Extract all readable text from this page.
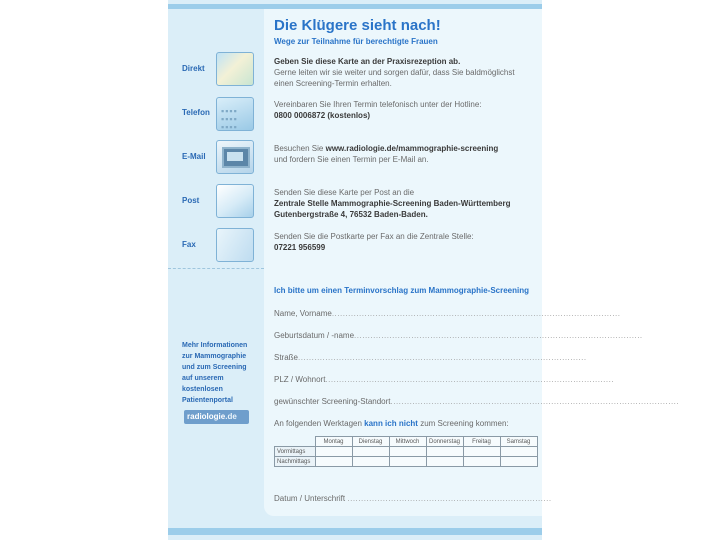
Direkt
Telefon	▪▪▪▪
▪▪▪▪
▪▪▪▪
E-Mail
Post
Fax
Mehr Informationen
zur Mammographie
und zum Screening
auf unserem
kostenlosen
Patientenportal
radiologie.de
Die Klügere sieht nach!
Wege zur Teilnahme für berechtigte Frauen
Geben Sie diese Karte an der Praxisrezeption ab.
Gerne leiten wir sie weiter und sorgen dafür, dass Sie baldmöglichst
einen Screening-Termin erhalten.
Vereinbaren Sie Ihren Termin telefonisch unter der Hotline:
0800 0006872 (kostenlos)
Besuchen Sie www.radiologie.de/mammographie-screening
und fordern Sie einen Termin per E-Mail an.
Senden Sie diese Karte per Post an die
Zentrale Stelle Mammographie-Screening Baden-Württemberg
Gutenbergstraße 4, 76532 Baden-Baden.
Senden Sie die Postkarte per Fax an die Zentrale Stelle:
07221 956599
Ich bitte um einen Terminvorschlag zum Mammographie-Screening
Name, Vorname..........................................................................................................
Geburtsdatum / -name..........................................................................................................
Straße..........................................................................................................
PLZ / Wohnort..........................................................................................................
gewünschter Screening-Standort..........................................................................................................
An folgenden Werktagen kann ich nicht zum Screening kommen:
	Montag	Dienstag	Mittwoch	Donnerstag	Freitag	Samstag
Vormittags						
Nachmittags						
Datum / Unterschrift ...........................................................................
